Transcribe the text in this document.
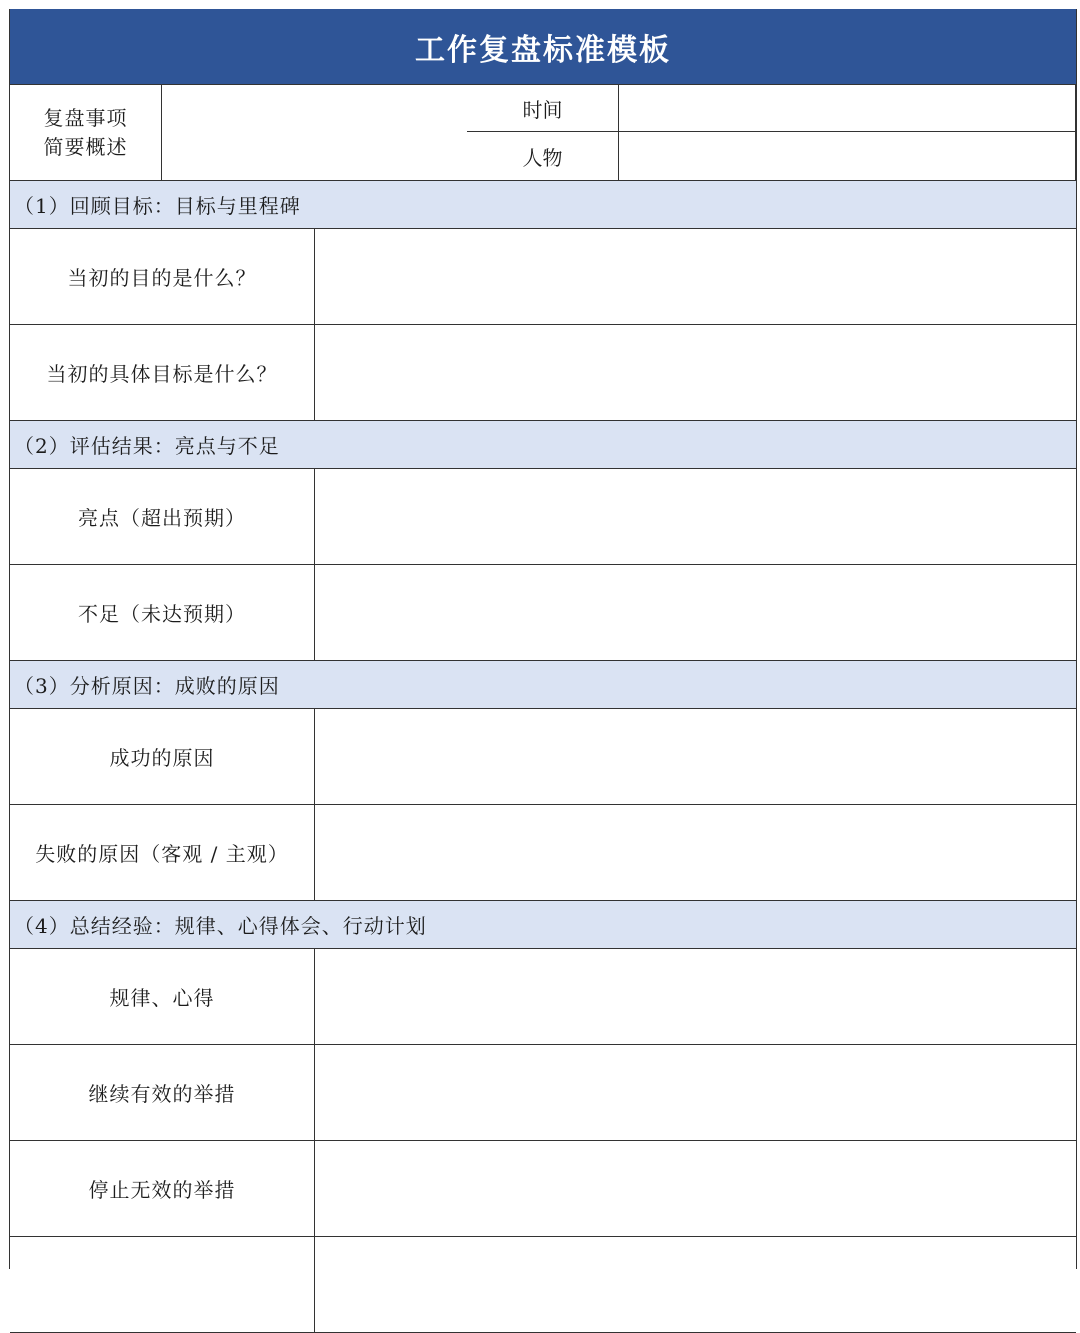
工作复盘标准模板
时间
复盘事项
简要概述	人物
（1）回顾目标：目标与里程碑
当初的目的是什么？
当初的具体目标是什么？
（2）评估结果：亮点与不足
亮点（超出预期）
不足（未达预期）
（3）分析原因：成败的原因
成功的原因
失败的原因（客观 / 主观）
（4）总结经验：规律、心得体会、行动计划
规律、心得
继续有效的举措
停止无效的举措
